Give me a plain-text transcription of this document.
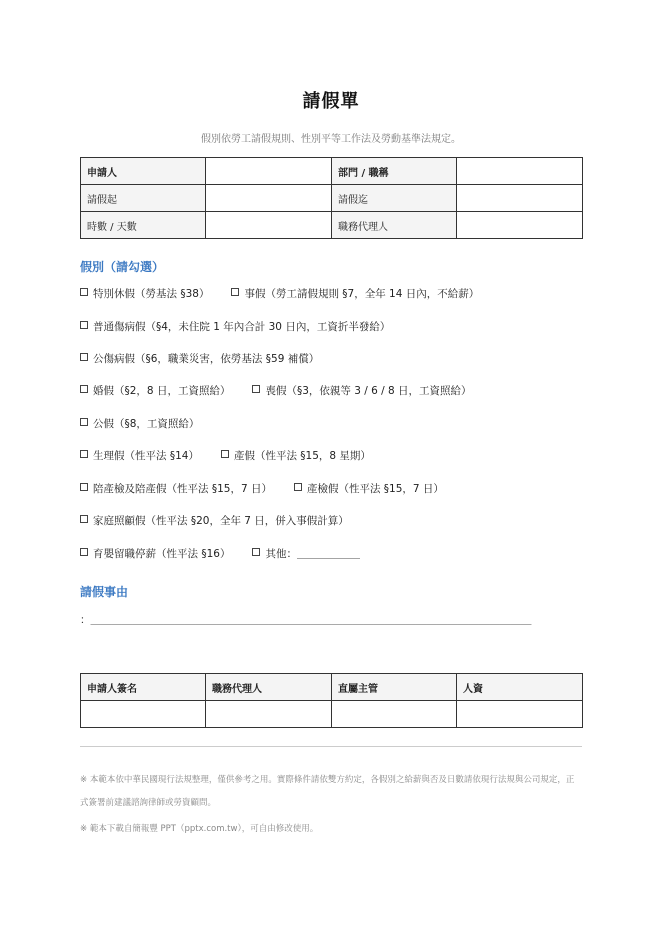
請假單
假別依勞工請假規則、性別平等工作法及勞動基準法規定。
申請人		部門 / 職稱	
請假起		請假迄	
時數 / 天數		職務代理人	
假別（請勾選）
特別休假（勞基法 §38）	事假（勞工請假規則 §7，全年 14 日內，不給薪）
普通傷病假（§4，未住院 1 年內合計 30 日內，工資折半發給）
公傷病假（§6，職業災害，依勞基法 §59 補償）
婚假（§2，8 日，工資照給）	喪假（§3，依親等 3 / 6 / 8 日，工資照給）
公假（§8，工資照給）
生理假（性平法 §14）	產假（性平法 §15，8 星期）
陪產檢及陪產假（性平法 §15，7 日）	產檢假（性平法 §15，7 日）
家庭照顧假（性平法 §20，全年 7 日，併入事假計算）
育嬰留職停薪（性平法 §16）	其他：＿＿＿＿＿＿
請假事由
：＿＿＿＿＿＿＿＿＿＿＿＿＿＿＿＿＿＿＿＿＿＿＿＿＿＿＿＿＿＿＿＿＿＿＿＿＿＿＿＿＿＿
申請人簽名	職務代理人	直屬主管	人資

※ 本範本依中華民國現行法規整理，僅供參考之用。實際條件請依雙方約定，各假別之給薪與否及日數請依現行法規與公司規定，正式簽署前建議諮詢律師或勞資顧問。
※ 範本下載自簡報豐 PPT（pptx.com.tw），可自由修改使用。
